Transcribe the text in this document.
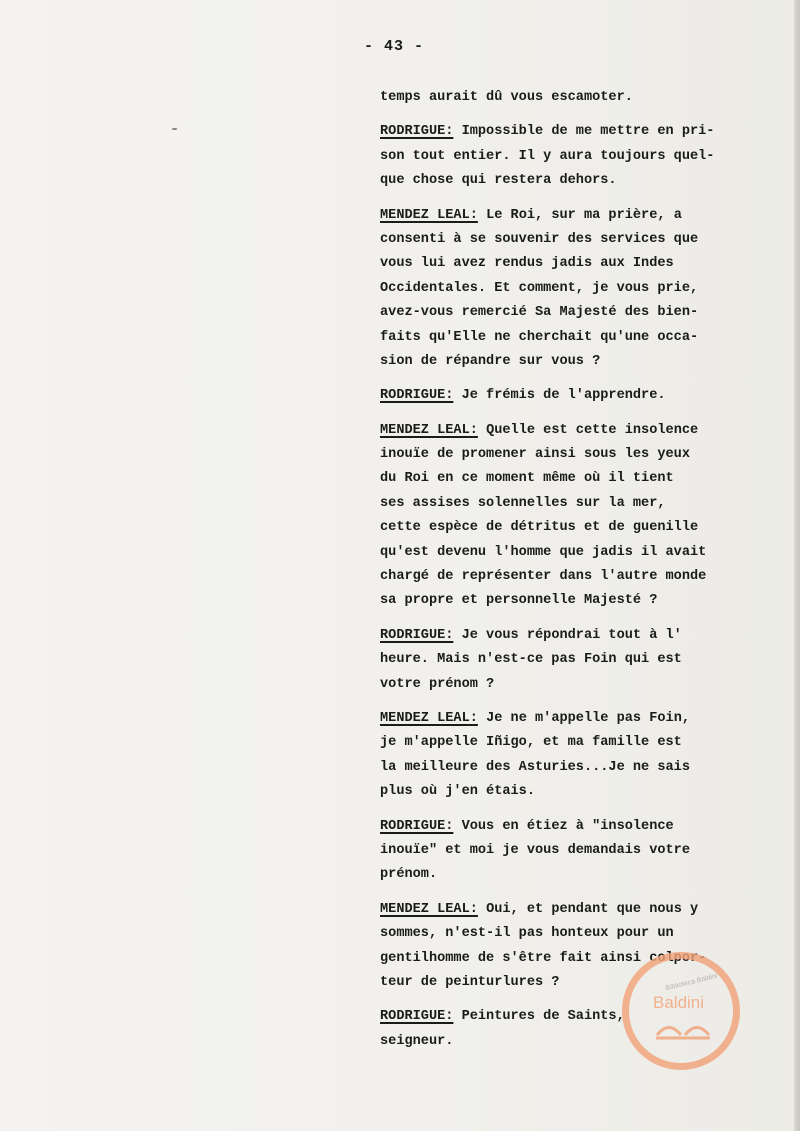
- 43 -
temps aurait dû vous escamoter.
RODRIGUE: Impossible de me mettre en pri-
son tout entier. Il y aura toujours quel-
que chose qui restera dehors.
MENDEZ LEAL: Le Roi, sur ma prière, a
consenti à se souvenir des services que
vous lui avez rendus jadis aux Indes
Occidentales. Et comment, je vous prie,
avez-vous remercié Sa Majesté des bien-
faits qu'Elle ne cherchait qu'une occa-
sion de répandre sur vous ?
RODRIGUE: Je frémis de l'apprendre.
MENDEZ LEAL: Quelle est cette insolence
inouïe de promener ainsi sous les yeux
du Roi en ce moment même où il tient
ses assises solennelles sur la mer,
cette espèce de détritus et de guenille
qu'est devenu l'homme que jadis il avait
chargé de représenter dans l'autre monde
sa propre et personnelle Majesté ?
RODRIGUE: Je vous répondrai tout à l'
heure. Mais n'est-ce pas Foin qui est
votre prénom ?
MENDEZ LEAL: Je ne m'appelle pas Foin,
je m'appelle Iñigo, et ma famille est
la meilleure des Asturies...Je ne sais
plus où j'en étais.
RODRIGUE: Vous en étiez à "insolence
inouïe" et moi je vous demandais votre
prénom.
MENDEZ LEAL: Oui, et pendant que nous y
sommes, n'est-il pas honteux pour un
gentilhomme de s'être fait ainsi colpor-
teur de peinturlures ?
RODRIGUE: Peintures de Saints,
seigneur.
Biblioteca Baldini
Baldini
